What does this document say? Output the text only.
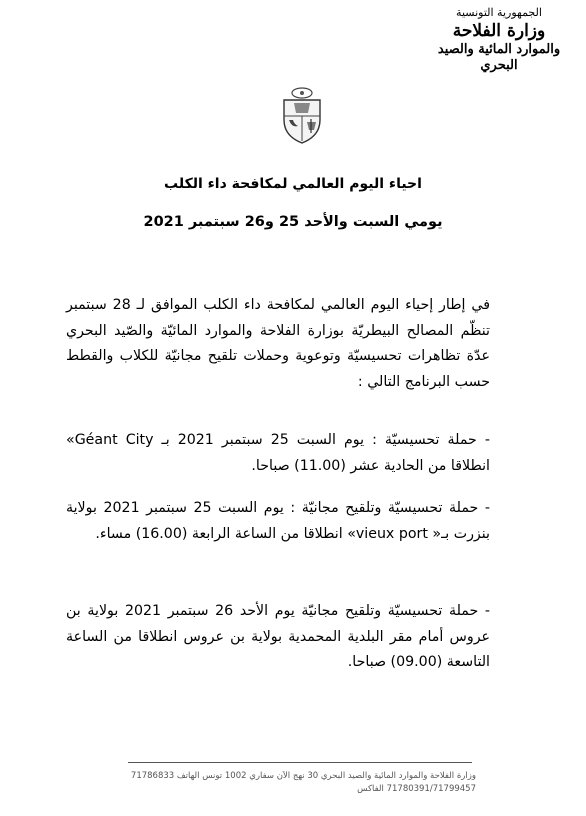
الجمهورية التونسية
وزارة الفلاحة
والموارد المائية والصيد البحري
احياء اليوم العالمي لمكافحة داء الكلب
يومي السبت والأحد 25 و26 سبتمبر 2021
في إطار إحياء اليوم العالمي لمكافحة داء الكلب الموافق لـ 28 سبتمبر تنظّم المصالح البيطريّة بوزارة الفلاحة والموارد المائيّة والصّيد البحري عدّة تظاهرات تحسيسيّة وتوعوية وحملات تلقيح مجانيّة للكلاب والقطط حسب البرنامج التالي :
- حملة تحسيسيّة : يوم السبت 25 سبتمبر 2021 بـ Géant City» انطلاقا من الحادية عشر (11.00) صباحا.
- حملة تحسيسيّة وتلقيح مجانيّة : يوم السبت 25 سبتمبر 2021 بولاية بنزرت بـ« vieux port» انطلاقا من الساعة الرابعة (16.00) مساء.
- حملة تحسيسيّة وتلقيح مجانيّة يوم الأحد 26 سبتمبر 2021 بولاية بن عروس أمام مقر البلدية المحمدية بولاية بن عروس انطلاقا من الساعة التاسعة (09.00) صباحا.
وزارة الفلاحة والموارد المائية والصيد البحري 30 نهج الآن سفاري 1002 تونس الهاتف 71786833
71780391/71799457 الفاكس
